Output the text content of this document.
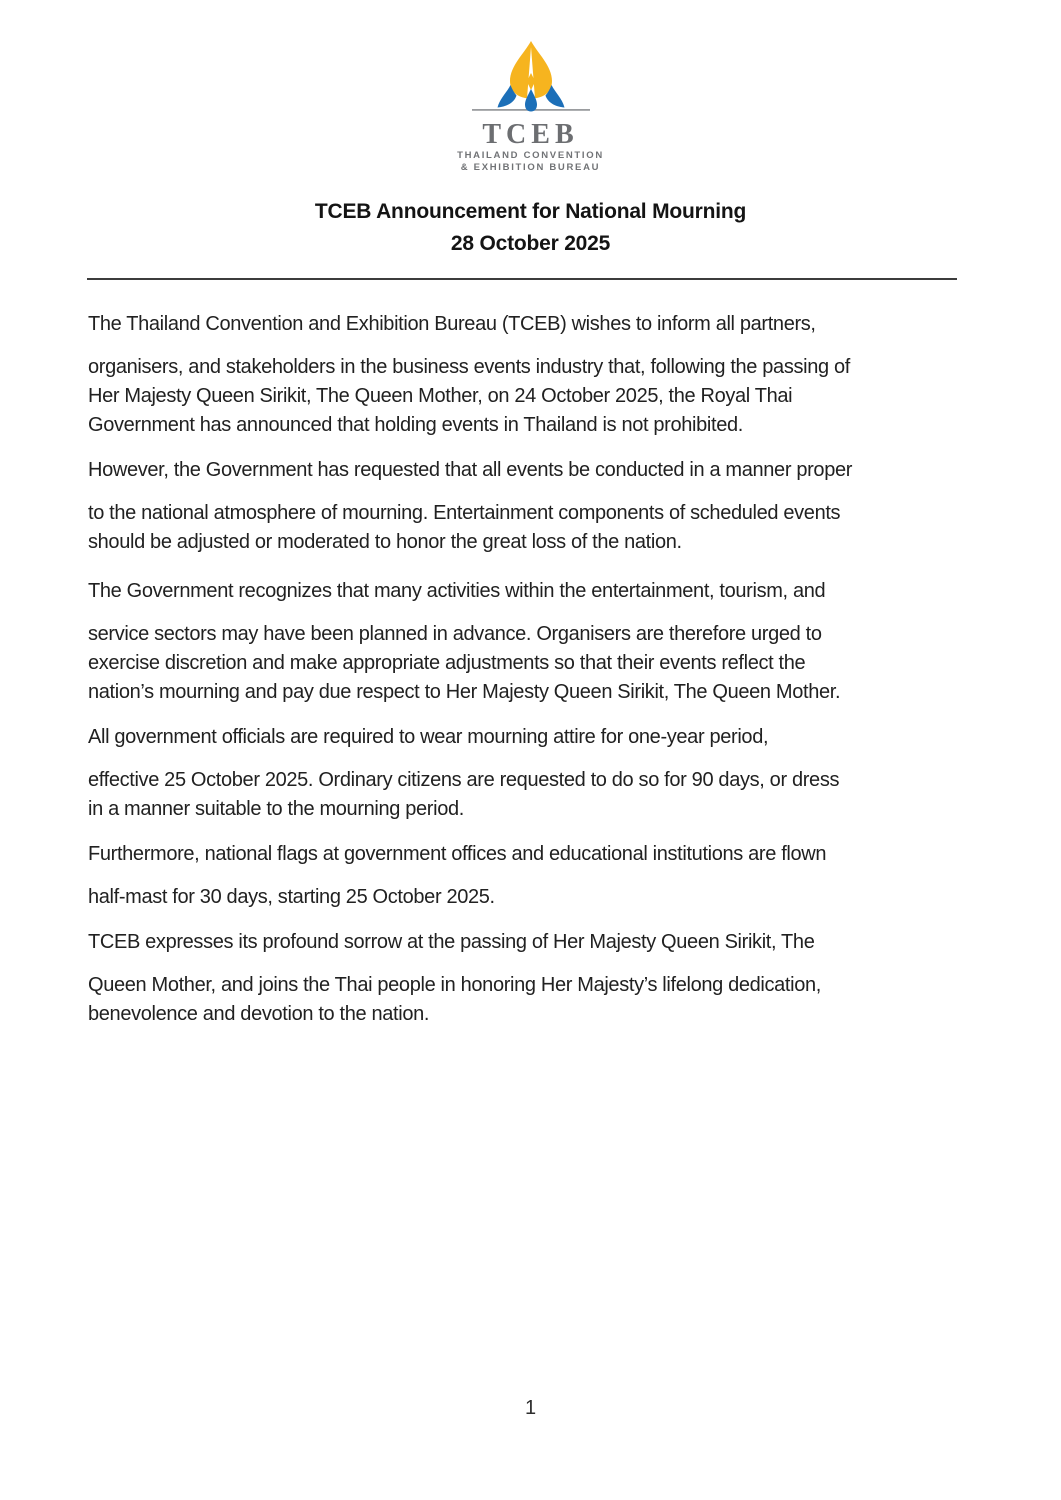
TCEB
THAILAND CONVENTION
& EXHIBITION BUREAU
TCEB Announcement for National Mourning
28 October 2025

The Thailand Convention and Exhibition Bureau (TCEB) wishes to inform all partners,
organisers, and stakeholders in the business events industry that, following the passing of
Her Majesty Queen Sirikit, The Queen Mother, on 24 October 2025, the Royal Thai
Government has announced that holding events in Thailand is not prohibited.

However, the Government has requested that all events be conducted in a manner proper
to the national atmosphere of mourning. Entertainment components of scheduled events
should be adjusted or moderated to honor the great loss of the nation.

The Government recognizes that many activities within the entertainment, tourism, and
service sectors may have been planned in advance. Organisers are therefore urged to
exercise discretion and make appropriate adjustments so that their events reflect the
nation’s mourning and pay due respect to Her Majesty Queen Sirikit, The Queen Mother.

All government officials are required to wear mourning attire for one-year period,
effective 25 October 2025. Ordinary citizens are requested to do so for 90 days, or dress
in a manner suitable to the mourning period.

Furthermore, national flags at government offices and educational institutions are flown
half-mast for 30 days, starting 25 October 2025.

TCEB expresses its profound sorrow at the passing of Her Majesty Queen Sirikit, The
Queen Mother, and joins the Thai people in honoring Her Majesty’s lifelong dedication,
benevolence and devotion to the nation.

1
